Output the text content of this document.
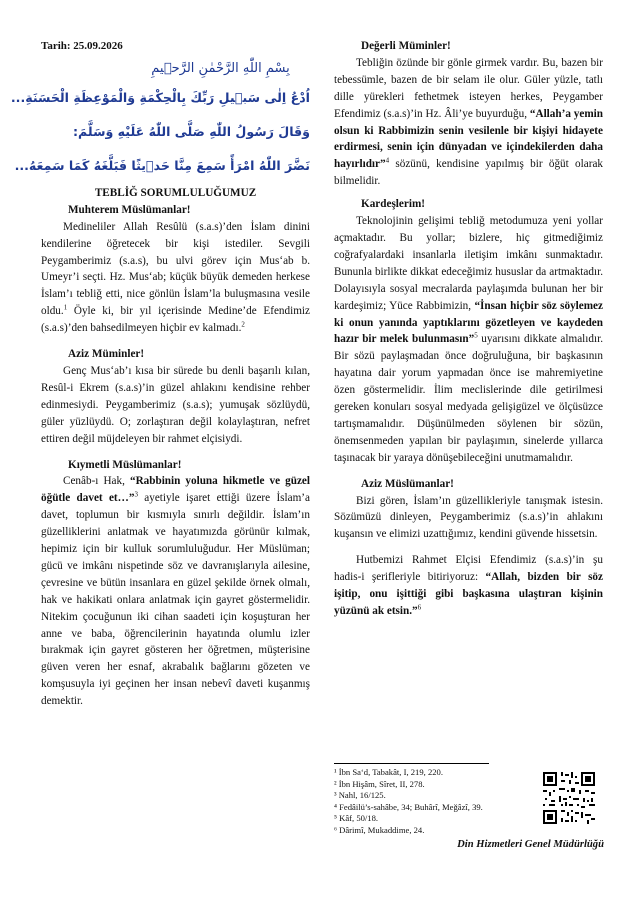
Tarih: 25.09.2026
بِسْمِ اللّٰهِ الرَّحْمٰنِ الرَّح۪يمِ
اُدْعُ اِلٰى سَب۪يلِ رَبِّكَ بِالْحِكْمَةِ وَالْمَوْعِظَةِ الْحَسَنَةِ...
وَقَالَ رَسُولُ اللّٰهِ صَلَّى اللّٰهُ عَلَيْهِ وَسَلَّمَ:
نَضَّرَ اللّٰهُ امْرَأً سَمِعَ مِنَّا حَد۪يثًا فَبَلَّغَهُ كَمَا سَمِعَهُ...
TEBLİĞ SORUMLULUĞUMUZ
Muhterem Müslümanlar!

Medineliler Allah Resûlü (s.a.s)’den İslam dinini kendilerine öğretecek bir kişi istediler. Sevgili Peygamberimiz (s.a.s), bu ulvi görev için Mus‘ab b. Umeyr’i seçti. Hz. Mus‘ab; küçük büyük demeden herkese İslam’ı tebliğ etti, nice gönlün İslam’la buluşmasına vesile oldu.$^1$ Öyle ki, bir yıl içerisinde Medine’de Efendimiz (s.a.s)’den bahsedilmeyen hiçbir ev kalmadı.$^2$

Aziz Müminler!

Genç Mus‘ab’ı kısa bir sürede bu denli başarılı kılan, Resûl-i Ekrem (s.a.s)’in güzel ahlakını kendisine rehber edinmesiydi. Peygamberimiz (s.a.s); yumuşak sözlüydü, güler yüzlüydü. O; zorlaştıran değil kolaylaştıran, nefret ettiren değil müjdeleyen bir rahmet elçisiydi.

Kıymetli Müslümanlar!

Cenâb-ı Hak, “Rabbinin yoluna hikmetle ve güzel öğütle davet et…”$^3$ ayetiyle işaret ettiği üzere İslam’a davet, toplumun bir kısmıyla sınırlı değildir. İslam’ın güzelliklerini anlatmak ve hayatımızda görünür kılmak, hepimiz için bir kulluk sorumluluğudur. Her Müslüman; gücü ve imkânı nispetinde söz ve davranışlarıyla ailesine, çevresine ve bütün insanlara en güzel şekilde örnek olmalı, hak ve hakikati onlara anlatmak için gayret göstermelidir. Nitekim çocuğunun iki cihan saadeti için koşuşturan her anne ve baba, öğrencilerinin hayatında olumlu izler bırakmak için gayret gösteren her öğretmen, müşterisine güven veren her esnaf, akrabalık bağlarını gözeten ve komşusuyla iyi geçinen her insan nebevî daveti kuşanmış demektir.

Değerli Müminler!

Tebliğin özünde bir gönle girmek vardır. Bu, bazen bir tebessümle, bazen de bir selam ile olur. Güler yüzle, tatlı dille yürekleri fethetmek isteyen herkes, Peygamber Efendimiz (s.a.s)’in Hz. Âli’ye buyurduğu, “Allah’a yemin olsun ki Rabbimizin senin vesilenle bir kişiyi hidayete erdirmesi, senin için dünyadan ve içindekilerden daha hayırlıdır”$^4$ sözünü, kendisine yapılmış bir öğüt olarak bilmelidir.

Kardeşlerim!

Teknolojinin gelişimi tebliğ metodumuza yeni yollar açmaktadır. Bu yollar; bizlere, hiç gitmediğimiz coğrafyalardaki insanlarla iletişim imkânı sunmaktadır. Bununla birlikte dikkat edeceğimiz hususlar da artmaktadır. Dolayısıyla sosyal mecralarda paylaşımda bulunan her bir kardeşimiz; Yüce Rabbimizin, “İnsan hiçbir söz söylemez ki onun yanında yaptıklarını gözetleyen ve kaydeden hazır bir melek bulunmasın”$^5$ uyarısını dikkate almalıdır. Bir sözü paylaşmadan önce doğruluğuna, bir başkasının hayatına dair yorum yapmadan önce ise mahremiyetine özen göstermelidir. İlim meclislerinde dile getirilmesi gereken konuları sosyal medyada gelişigüzel ve ölçüsüzce tartışmamalıdır. Düşünülmeden söylenen bir sözün, önemsenmeden yapılan bir paylaşımın, sinelerde yıllarca taşınacak bir yaraya dönüşebileceğini unutmamalıdır.

Aziz Müslümanlar!

Bizi gören, İslam’ın güzellikleriyle tanışmak istesin. Sözümüzü dinleyen, Peygamberimiz (s.a.s)’in ahlakını kuşansın ve elimizi uzattığımız, kendini güvende hissetsin.

Hutbemizi Rahmet Elçisi Efendimiz (s.a.s)’in şu hadis-i şerifleriyle bitiriyoruz: “Allah, bizden bir söz işitip, onu işittiği gibi başkasına ulaştıran kişinin yüzünü ak etsin.”$^6$

¹ İbn Sa‘d, Tabakât, I, 219, 220.
² İbn Hişâm, Sîret, II, 278.
³ Nahl, 16/125.
⁴ Fedâilü’s-sahâbe, 34; Buhârî, Meğâzî, 39.
⁵ Kâf, 50/18.
⁶ Dârimî, Mukaddime, 24.
Din Hizmetleri Genel Müdürlüğü
